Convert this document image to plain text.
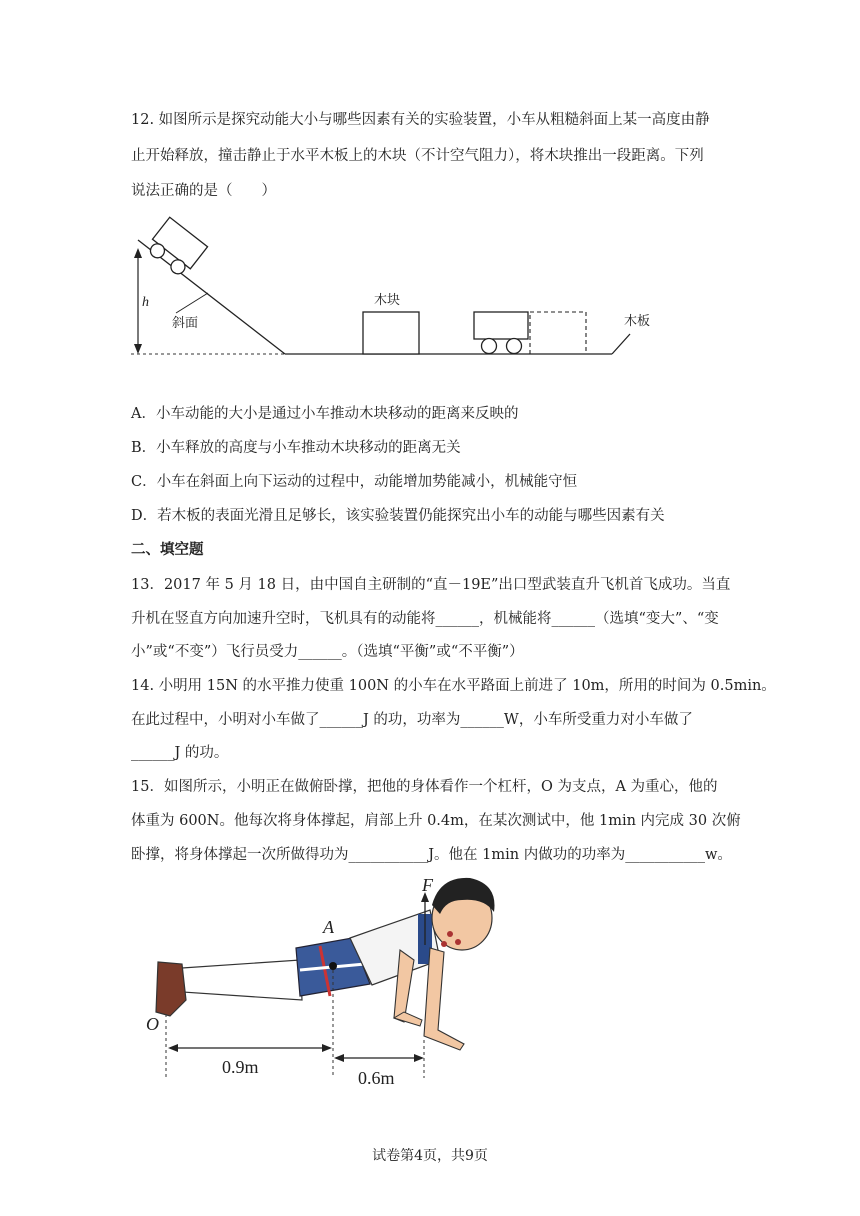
12. 如图所示是探究动能大小与哪些因素有关的实验装置，小车从粗糙斜面上某一高度由静
止开始释放，撞击静止于水平木板上的木块（不计空气阻力），将木块推出一段距离。下列
说法正确的是（　　）
h
斜面
木块
木板
A．小车动能的大小是通过小车推动木块移动的距离来反映的
B．小车释放的高度与小车推动木块移动的距离无关
C．小车在斜面上向下运动的过程中，动能增加势能减小，机械能守恒
D．若木板的表面光滑且足够长，该实验装置仍能探究出小车的动能与哪些因素有关
二、填空题
13．2017 年 5 月 18 日，由中国自主研制的“直－19E”出口型武装直升飞机首飞成功。当直
升机在竖直方向加速升空时，飞机具有的动能将______，机械能将______（选填“变大”、“变
小”或“不变”）飞行员受力______。（选填“平衡”或“不平衡”）
14. 小明用 15N 的水平推力使重 100N 的小车在水平路面上前进了 10m，所用的时间为 0.5min。
在此过程中，小明对小车做了______J 的功，功率为______W，小车所受重力对小车做了
______J 的功。
15．如图所示，小明正在做俯卧撑，把他的身体看作一个杠杆，O 为支点，A 为重心，他的
体重为 600N。他每次将身体撑起，肩部上升 0.4m，在某次测试中，他 1min 内完成 30 次俯
卧撑，将身体撑起一次所做得功为___________J。他在 1min 内做功的功率为___________w。
F
A
O
0.9m
0.6m
试卷第4页，共9页
